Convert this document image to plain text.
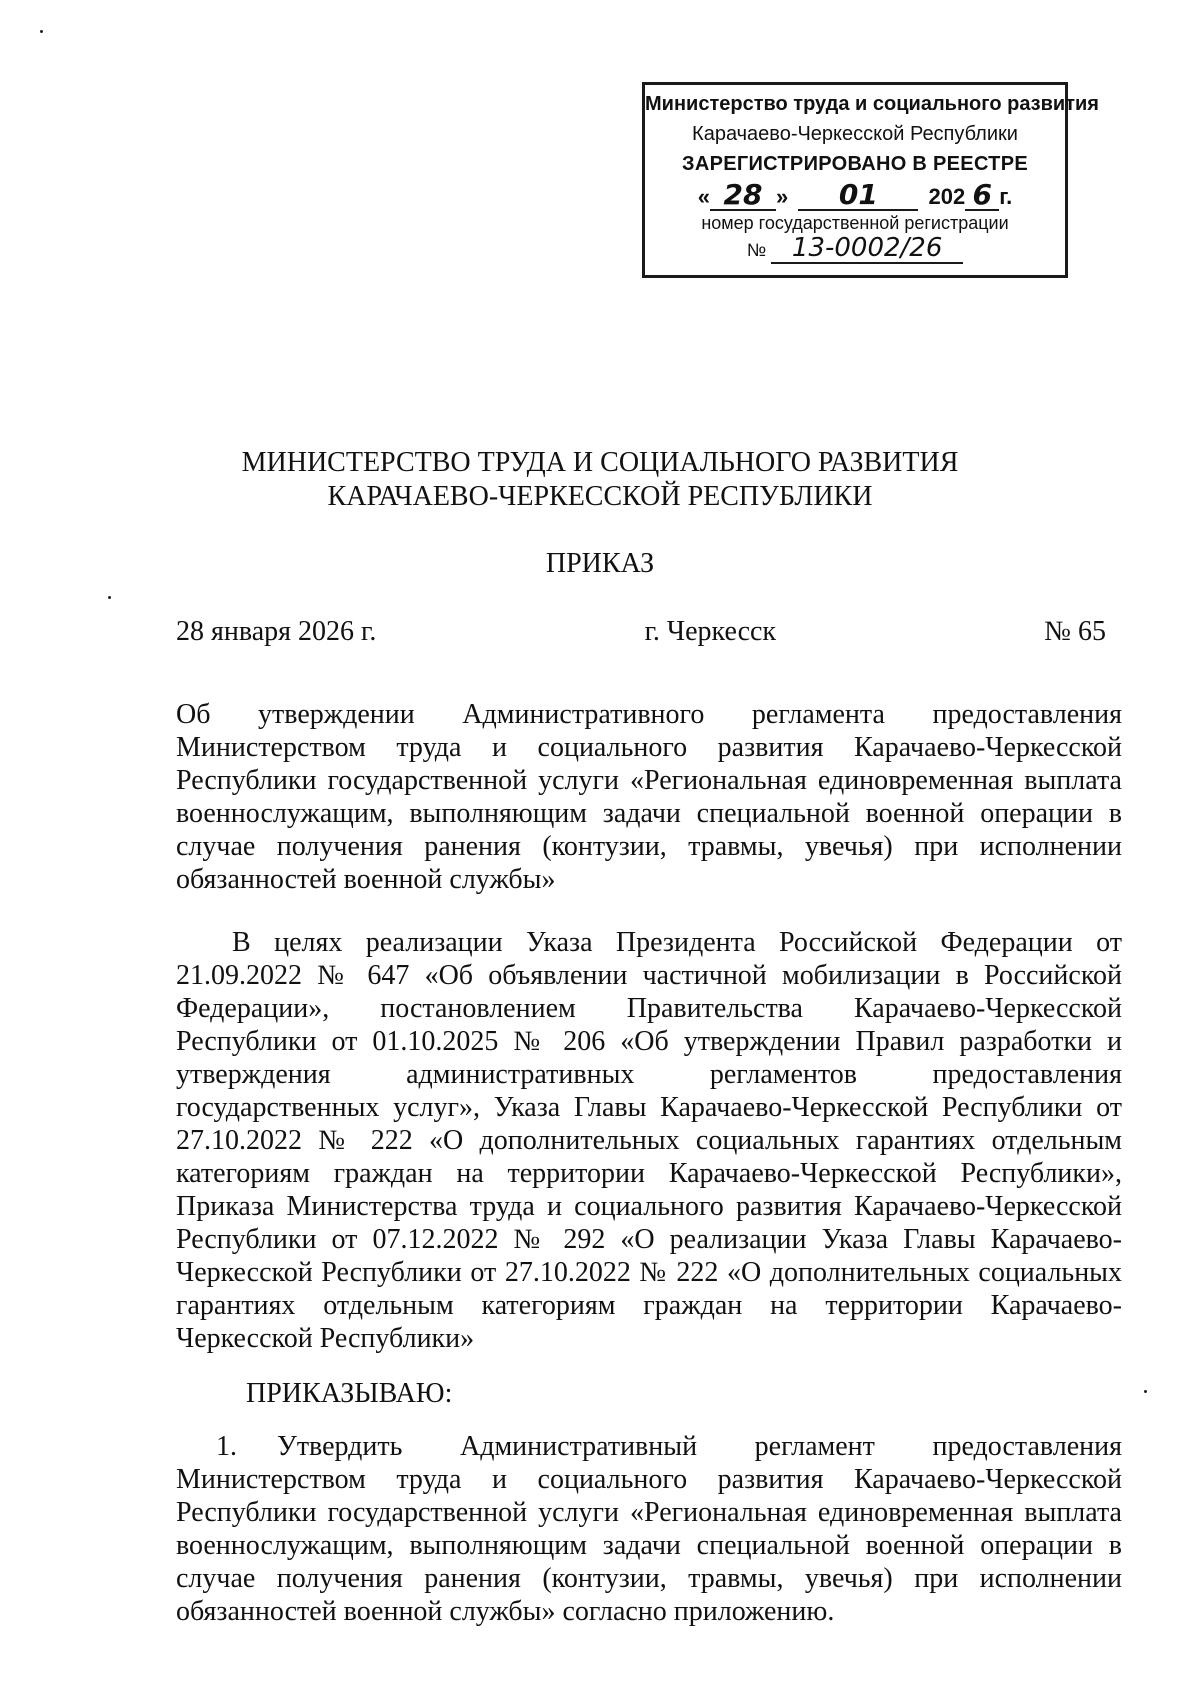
Министерство труда и социального развития
Карачаево-Черкесской Республики
ЗАРЕГИСТРИРОВАНО В РЕЕСТРЕ
« 28 » 01 202 6 г.
номер государственной регистрации
№ 13-0002/26
МИНИСТЕРСТВО ТРУДА И СОЦИАЛЬНОГО РАЗВИТИЯ
КАРАЧАЕВО-ЧЕРКЕССКОЙ РЕСПУБЛИКИ
ПРИКАЗ
28 января 2026 г.	г. Черкесск	№ 65
Об утверждении Административного регламента предоставления Министерством труда и социального развития Карачаево-Черкесской Республики государственной услуги «Региональная единовременная выплата военнослужащим, выполняющим задачи специальной военной операции в случае получения ранения (контузии, травмы, увечья) при исполнении обязанностей военной службы»
В целях реализации Указа Президента Российской Федерации от 21.09.2022 № 647 «Об объявлении частичной мобилизации в Российской Федерации», постановлением Правительства Карачаево-Черкесской Республики от 01.10.2025 № 206 «Об утверждении Правил разработки и утверждения административных регламентов предоставления государственных услуг», Указа Главы Карачаево-Черкесской Республики от 27.10.2022 № 222 «О дополнительных социальных гарантиях отдельным категориям граждан на территории Карачаево-Черкесской Республики», Приказа Министерства труда и социального развития Карачаево-Черкесской Республики от 07.12.2022 № 292 «О реализации Указа Главы Карачаево-Черкесской Республики от 27.10.2022 № 222 «О дополнительных социальных гарантиях отдельным категориям граждан на территории Карачаево-Черкесской Республики»
ПРИКАЗЫВАЮ:
1. Утвердить Административный регламент предоставления Министерством труда и социального развития Карачаево-Черкесской Республики государственной услуги «Региональная единовременная выплата военнослужащим, выполняющим задачи специальной военной операции в случае получения ранения (контузии, травмы, увечья) при исполнении обязанностей военной службы» согласно приложению.
